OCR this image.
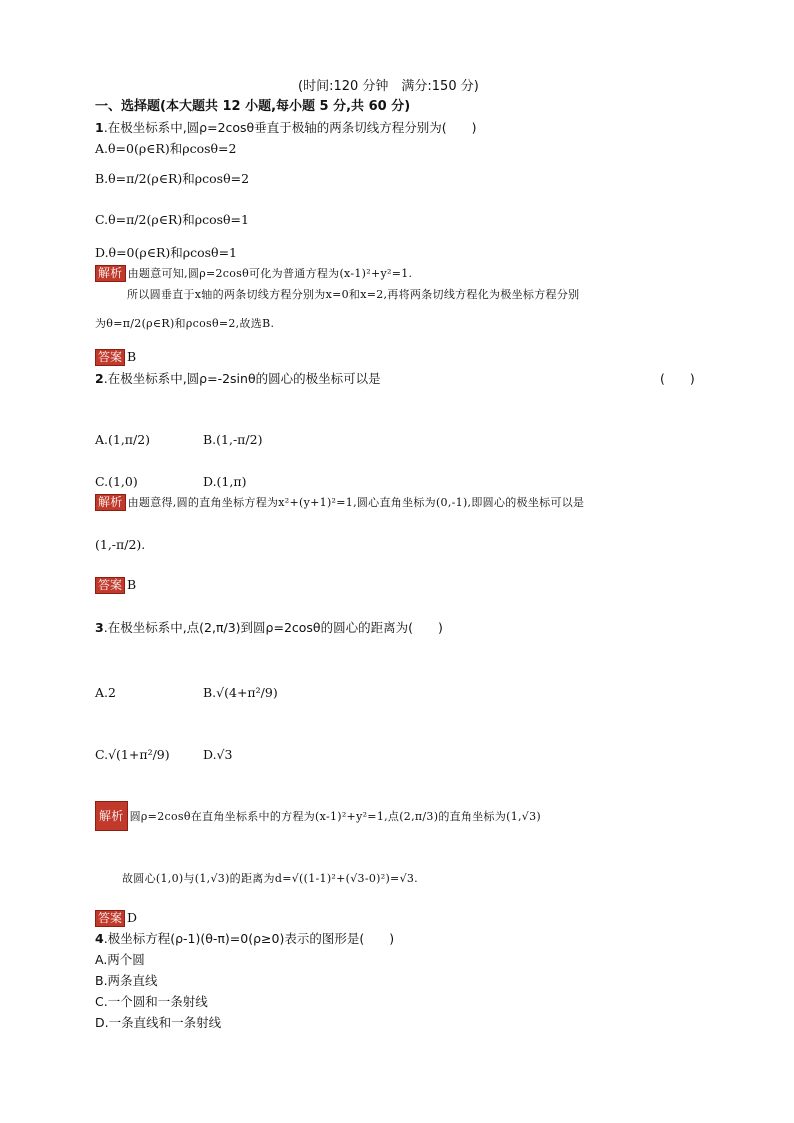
(时间:120 分钟　满分:150 分)
一、选择题(本大题共 12 小题,每小题 5 分,共 60 分)
1.在极坐标系中,圆ρ=2cosθ垂直于极轴的两条切线方程分别为(　　)
A.θ=0(ρ∈R)和ρcosθ=2
B.θ=π/2(ρ∈R)和ρcosθ=2
C.θ=π/2(ρ∈R)和ρcosθ=1
D.θ=0(ρ∈R)和ρcosθ=1
解析 由题意可知,圆ρ=2cosθ可化为普通方程为(x-1)²+y²=1.
所以圆垂直于x轴的两条切线方程分别为x=0和x=2,再将两条切线方程化为极坐标方程分别
为θ=π/2(ρ∈R)和ρcosθ=2,故选B.
答案 B
2.在极坐标系中,圆ρ=-2sinθ的圆心的极坐标可以是	(　　)
A.(1,π/2)	B.(1,-π/2)
C.(1,0)	D.(1,π)
解析 由题意得,圆的直角坐标方程为x²+(y+1)²=1,圆心直角坐标为(0,-1),即圆心的极坐标可以是
(1,-π/2).
答案 B
3.在极坐标系中,点(2,π/3)到圆ρ=2cosθ的圆心的距离为(　　)
A.2	B.√(4+π²/9)
C.√(1+π²/9)	D.√3
解析 圆ρ=2cosθ在直角坐标系中的方程为(x-1)²+y²=1,点(2,π/3)的直角坐标为(1,√3)
故圆心(1,0)与(1,√3)的距离为d=√((1-1)²+(√3-0)²)=√3.
答案 D
4.极坐标方程(ρ-1)(θ-π)=0(ρ≥0)表示的图形是(　　)
A.两个圆
B.两条直线
C.一个圆和一条射线
D.一条直线和一条射线
